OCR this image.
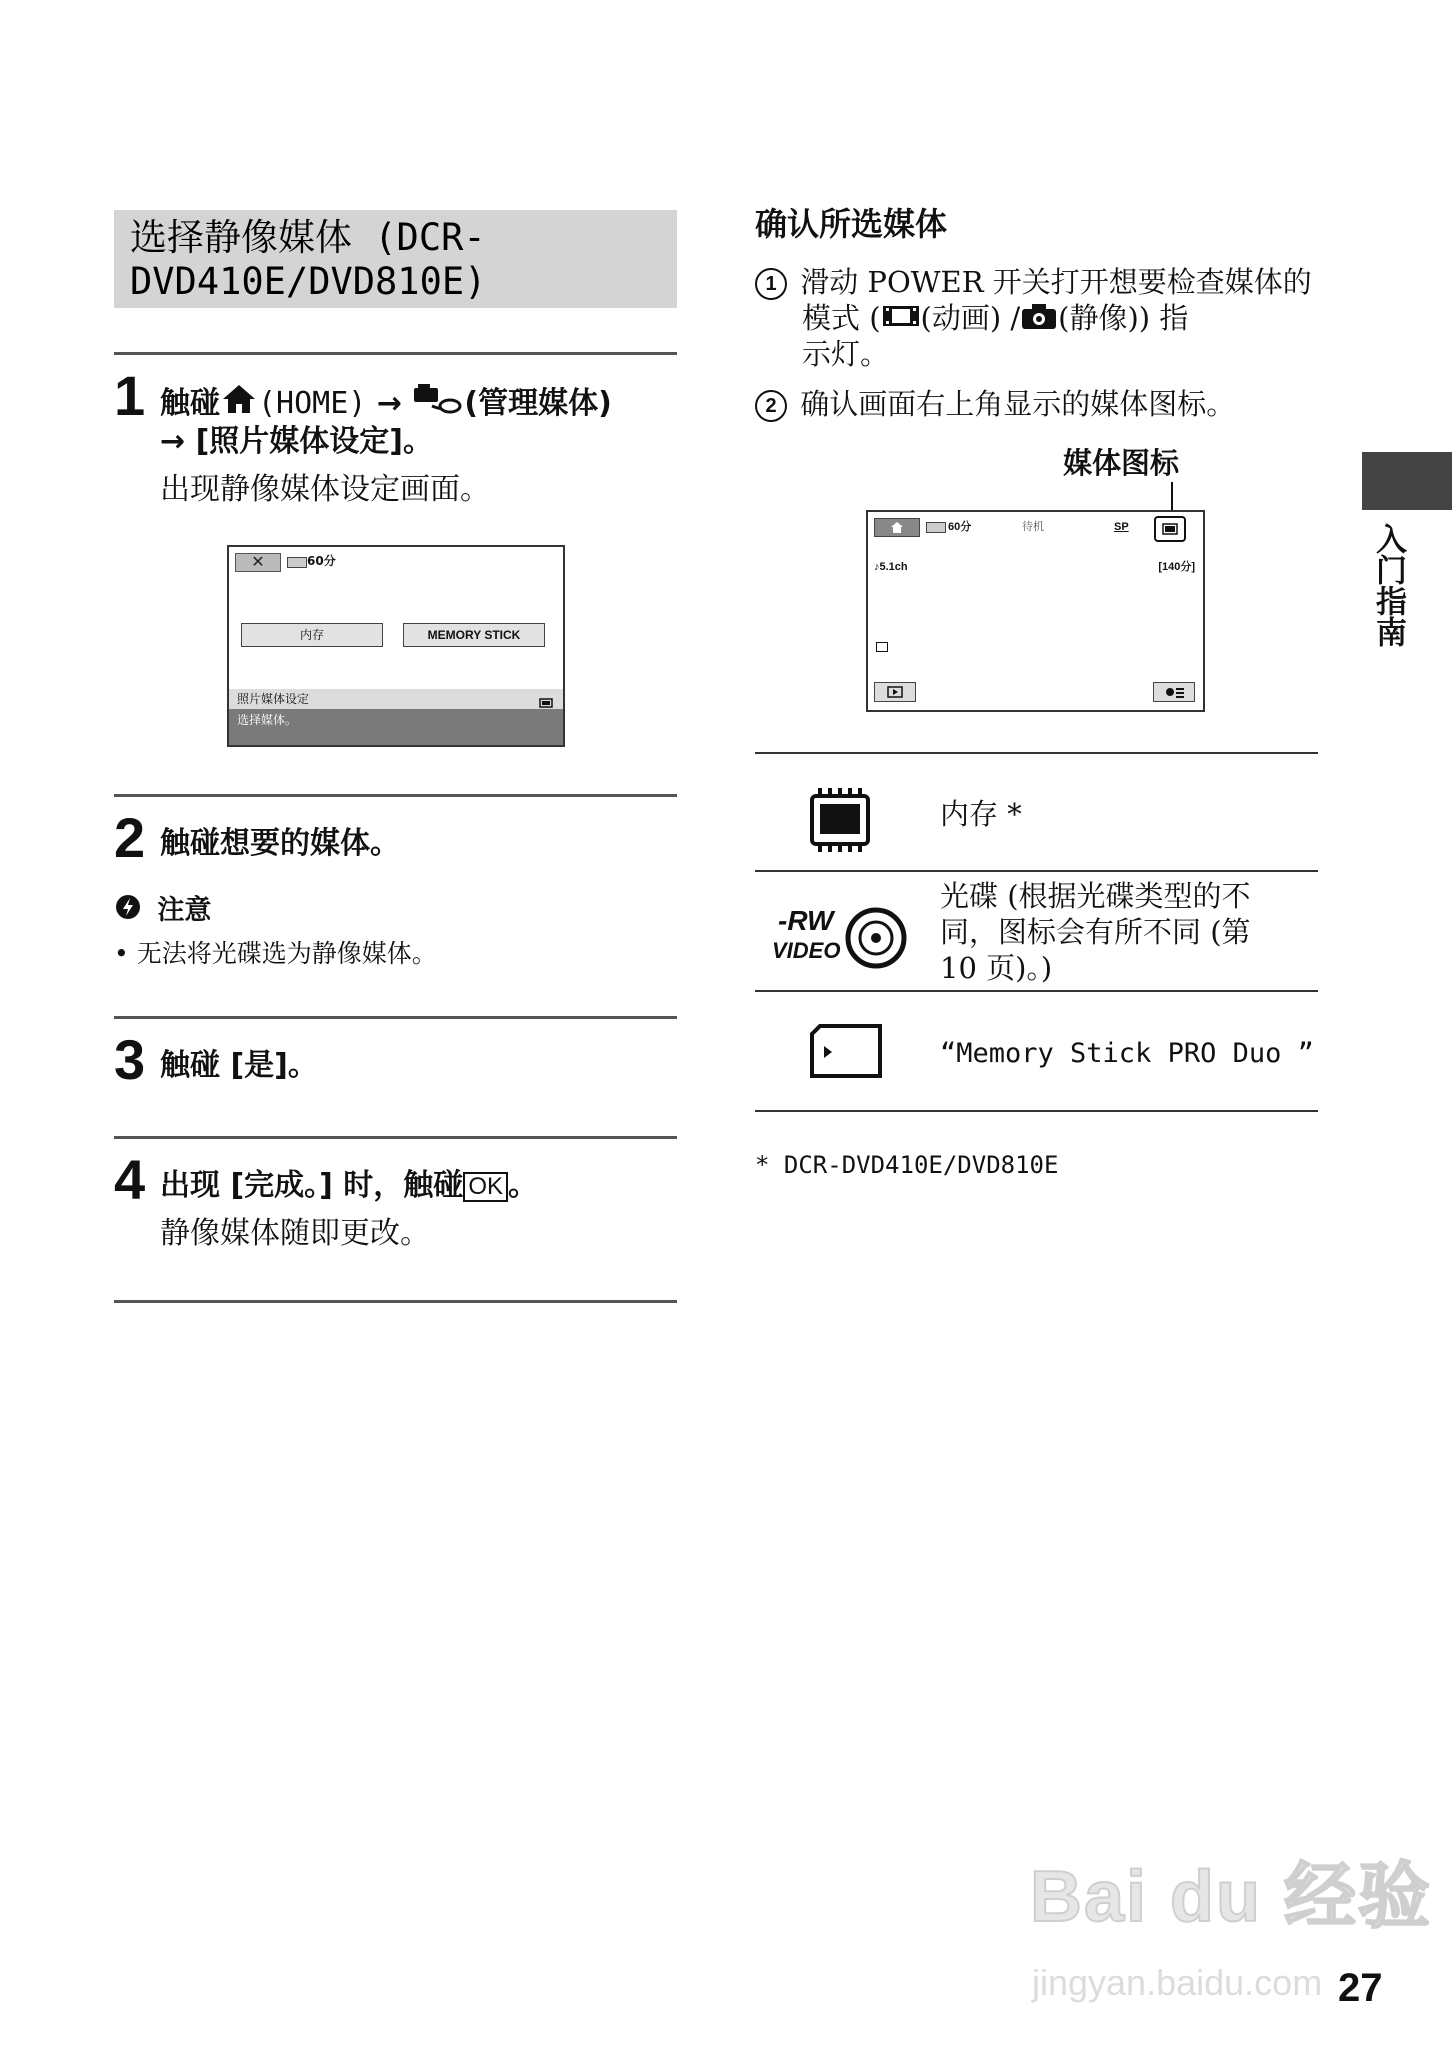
选择静像媒体 (DCR-
DVD410E/DVD810E)
1 触碰 (HOME) → (管理媒体)
→ [照片媒体设定]。
出现静像媒体设定画面。
✕	60分
内存	MEMORY STICK
照片媒体设定
选择媒体。
2 触碰想要的媒体。
注意
• 无法将光碟选为静像媒体。
3 触碰 [是]。
4 出现 [完成。] 时，触碰 OK 。
静像媒体随即更改。
确认所选媒体
1 滑动 POWER 开关打开想要检查媒体的
模式 ( (动画) / (静像)) 指
示灯。
2 确认画面右上角显示的媒体图标。
媒体图标
60分	待机	SP
♪5.1ch	[140分]
内存 *
-RW
VIDEO
光碟 (根据光碟类型的不
同，图标会有所不同 (第
10 页)。)
“Memory Stick PRO Duo ”
* DCR-DVD410E/DVD810E
入门指南
Bai du 经验
jingyan.baidu.com 27
